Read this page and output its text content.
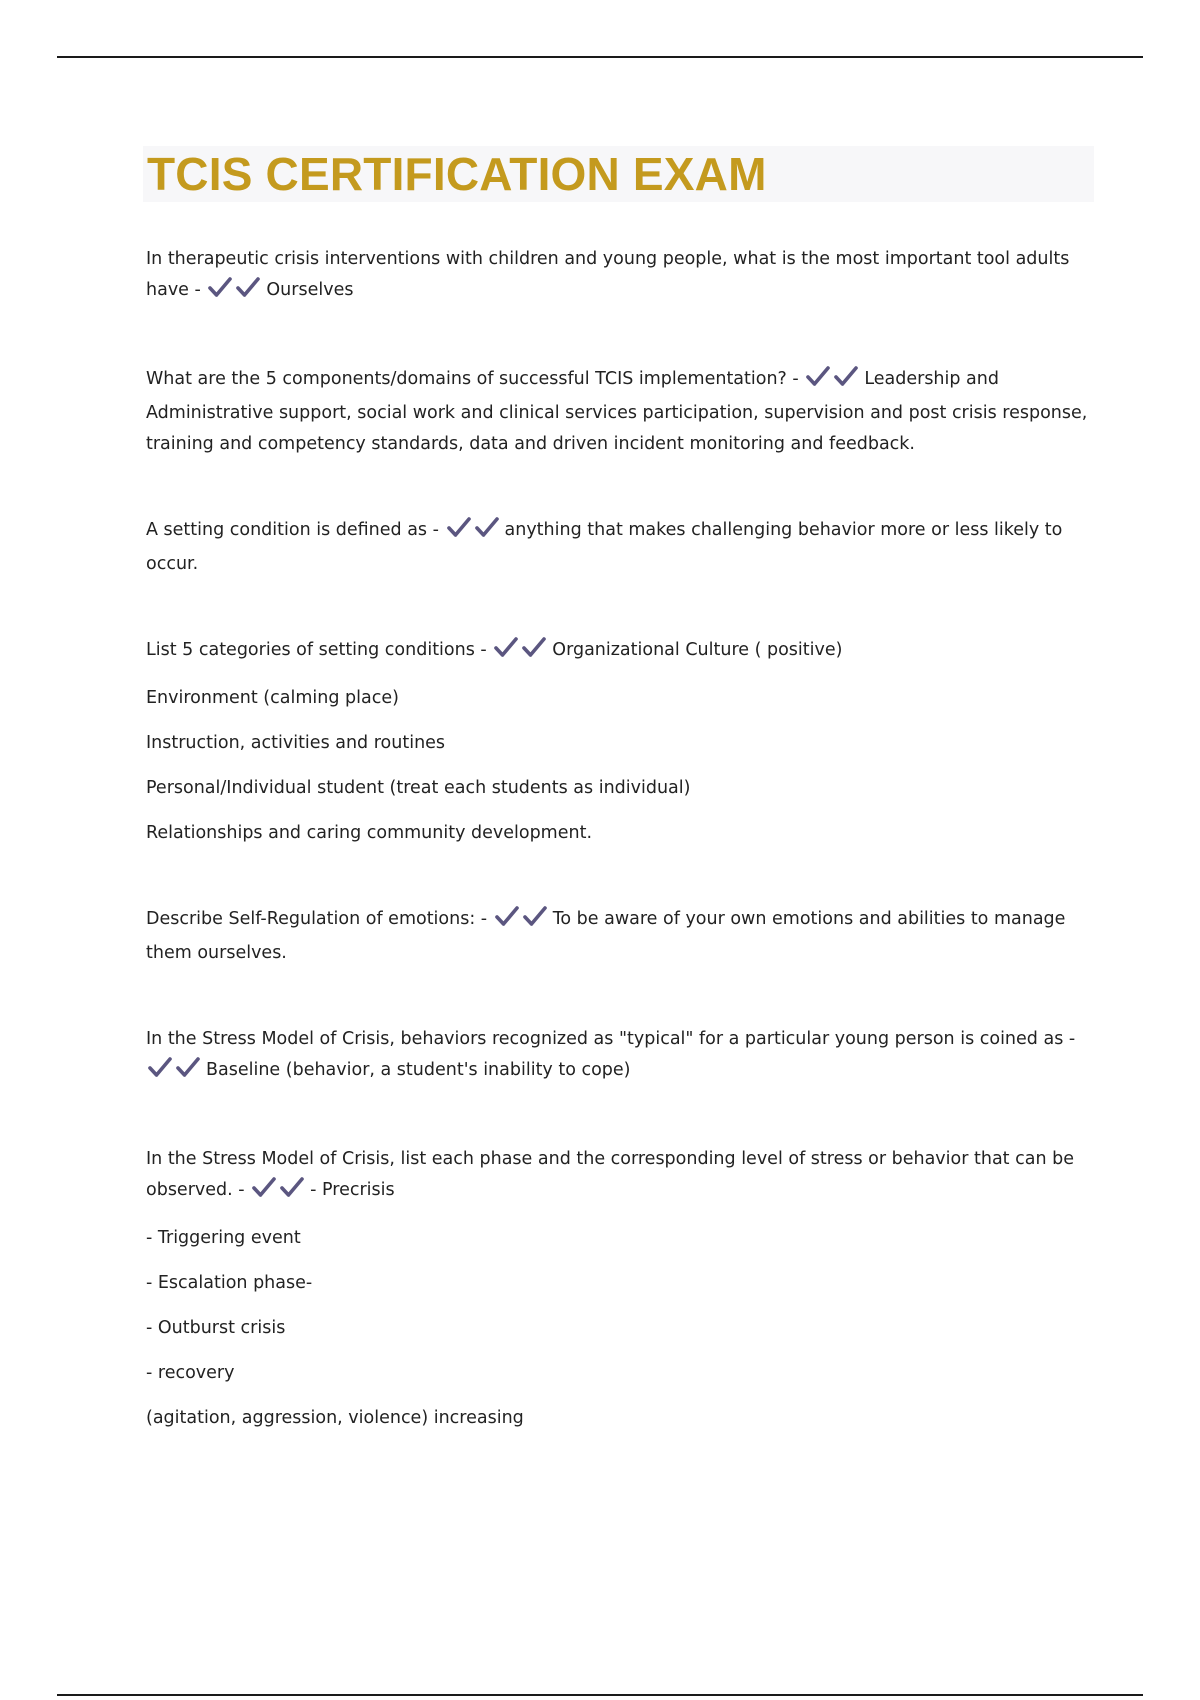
TCIS CERTIFICATION EXAM

In therapeutic crisis interventions with children and young people, what is the most important tool adults have -	Ourselves

What are the 5 components/domains of successful TCIS implementation? -	Leadership and Administrative support, social work and clinical services participation, supervision and post crisis response, training and competency standards, data and driven incident monitoring and feedback.

A setting condition is defined as -	anything that makes challenging behavior more or less likely to occur.

List 5 categories of setting conditions -	Organizational Culture ( positive)

Environment (calming place)

Instruction, activities and routines

Personal/Individual student (treat each students as individual)

Relationships and caring community development.

Describe Self-Regulation of emotions: -	To be aware of your own emotions and abilities to manage them ourselves.

In the Stress Model of Crisis, behaviors recognized as "typical" for a particular young person is coined as -
Baseline (behavior, a student's inability to cope)

In the Stress Model of Crisis, list each phase and the corresponding level of stress or behavior that can be observed. -	- Precrisis

- Triggering event

- Escalation phase-

- Outburst crisis

- recovery

(agitation, aggression, violence) increasing
